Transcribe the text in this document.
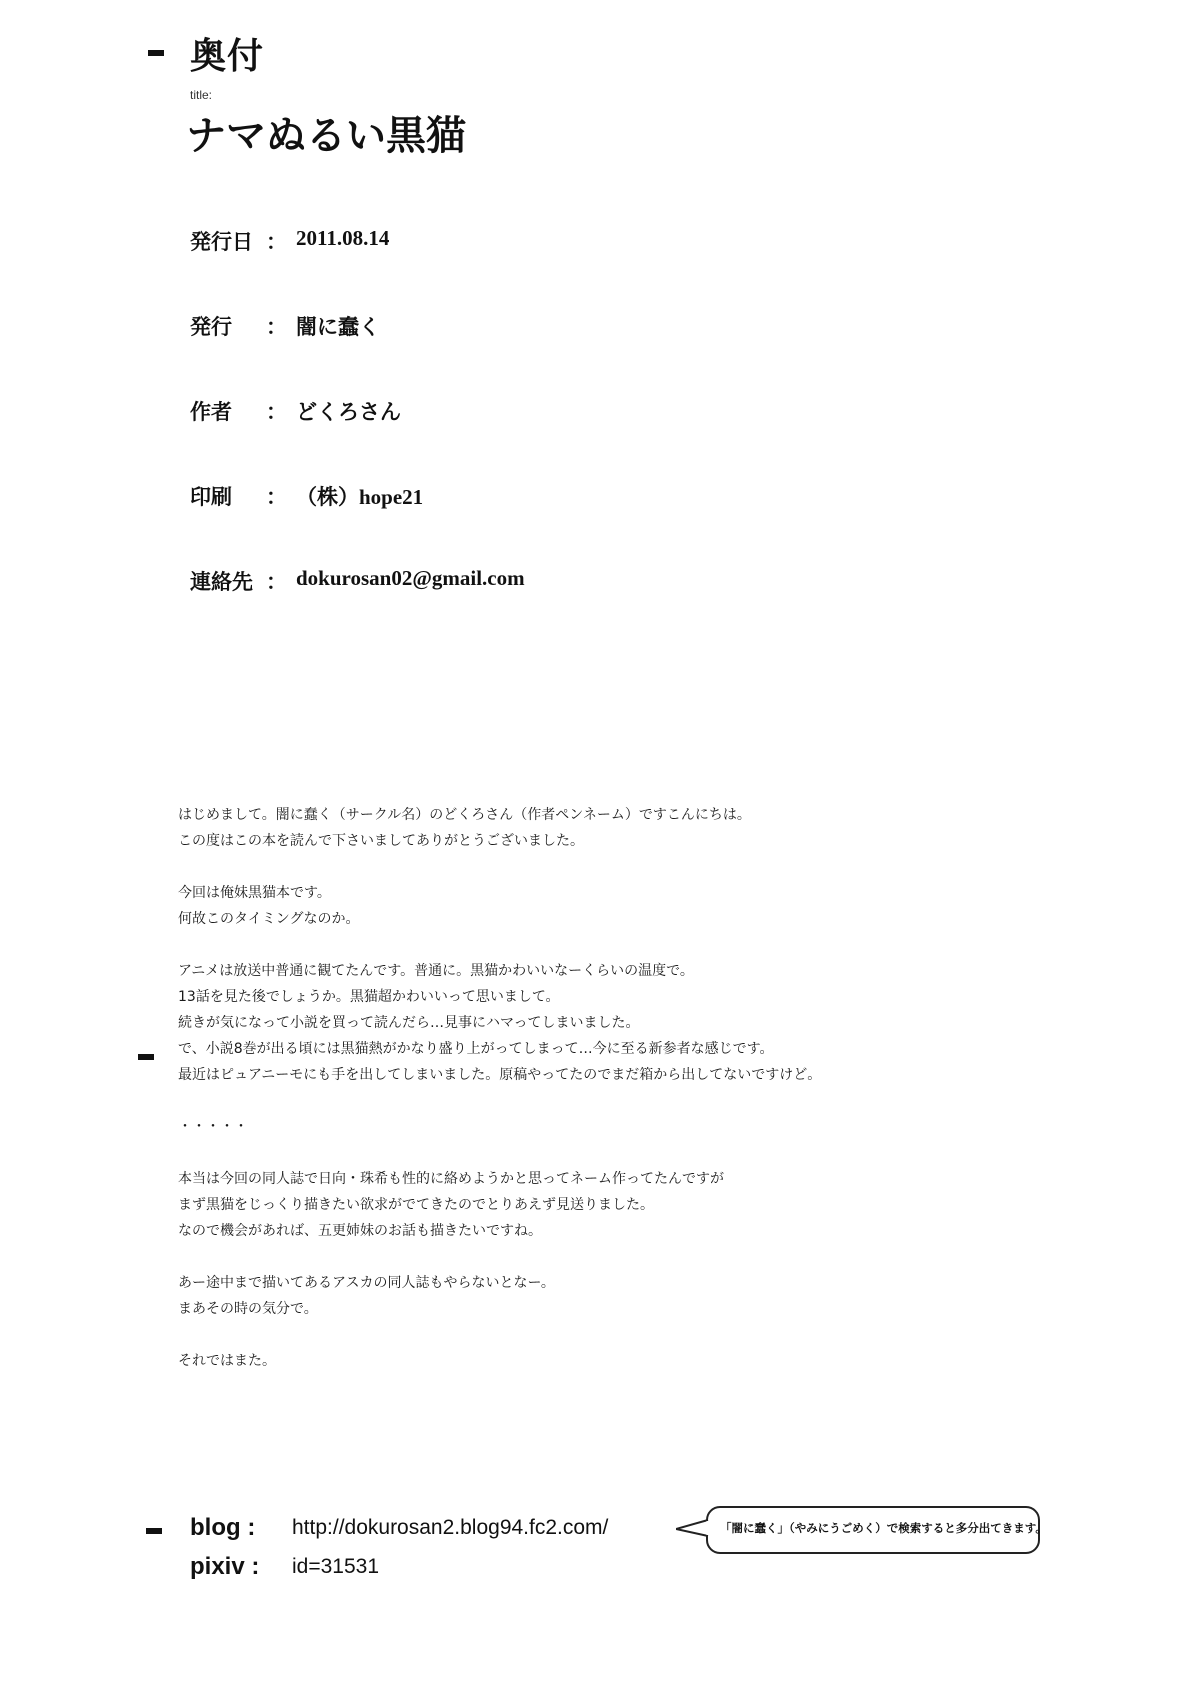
奥付
title:
ナマぬるい黒猫
発行日 ： 2011.08.14
発行 ： 闇に蠢く
作者 ： どくろさん
印刷 ： （株）hope21
連絡先 ： dokurosan02@gmail.com
はじめまして。闇に蠢く（サークル名）のどくろさん（作者ペンネーム）ですこんにちは。
この度はこの本を読んで下さいましてありがとうございました。
今回は俺妹黒猫本です。
何故このタイミングなのか。
アニメは放送中普通に観てたんです。普通に。黒猫かわいいなーくらいの温度で。
13話を見た後でしょうか。黒猫超かわいいって思いまして。
続きが気になって小説を買って読んだら…見事にハマってしまいました。
で、小説8巻が出る頃には黒猫熱がかなり盛り上がってしまって…今に至る新参者な感じです。
最近はピュアニーモにも手を出してしまいました。原稿やってたのでまだ箱から出してないですけど。
・・・・・
本当は今回の同人誌で日向・珠希も性的に絡めようかと思ってネーム作ってたんですが
まず黒猫をじっくり描きたい欲求がでてきたのでとりあえず見送りました。
なので機会があれば、五更姉妹のお話も描きたいですね。
あー途中まで描いてあるアスカの同人誌もやらないとなー。
まあその時の気分で。
それではまた。
blog : http://dokurosan2.blog94.fc2.com/
pixiv : id=31531
「闇に蠢く」（やみにうごめく）で検索すると多分出てきます。
